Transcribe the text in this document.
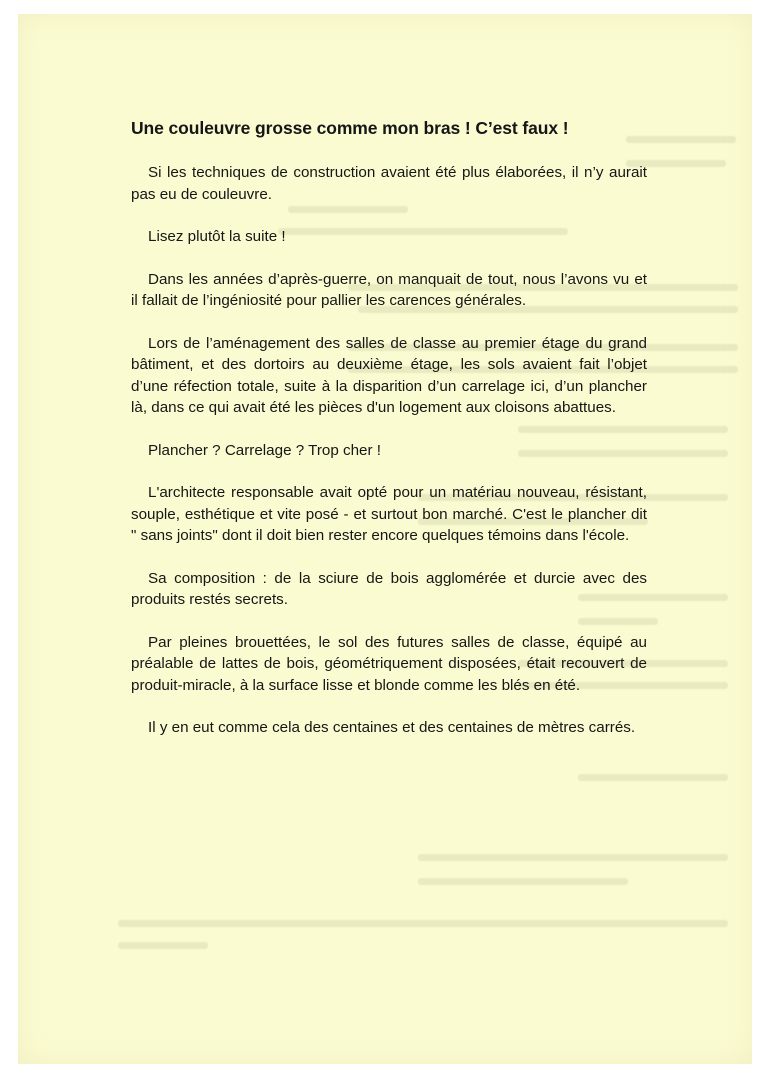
Une couleuvre grosse comme mon bras ! C’est faux !

Si les techniques de construction avaient été plus élaborées, il n’y aurait pas eu de couleuvre.

Lisez plutôt la suite !

Dans les années d’après-guerre, on manquait de tout, nous l’avons vu et il fallait de l’ingéniosité pour pallier les carences générales.

Lors de l’aménagement des salles de classe au premier étage du grand bâtiment, et des dortoirs au deuxième étage, les sols avaient fait l’objet d’une réfection totale, suite à la disparition d’un carrelage ici, d’un plancher là, dans ce qui avait été les pièces d'un logement aux cloisons abattues.

Plancher ? Carrelage ? Trop cher !

L'architecte responsable avait opté pour un matériau nouveau, résistant, souple, esthétique et vite posé - et surtout bon marché. C'est le plancher dit " sans joints" dont il doit bien rester encore quelques témoins dans l'école.

Sa composition : de la sciure de bois agglomérée et durcie avec des produits restés secrets.

Par pleines brouettées, le sol des futures salles de classe, équipé au préalable de lattes de bois, géométriquement disposées, était recouvert de produit-miracle, à la surface lisse et blonde comme les blés en été.

Il y en eut comme cela des centaines et des centaines de mètres carrés.
